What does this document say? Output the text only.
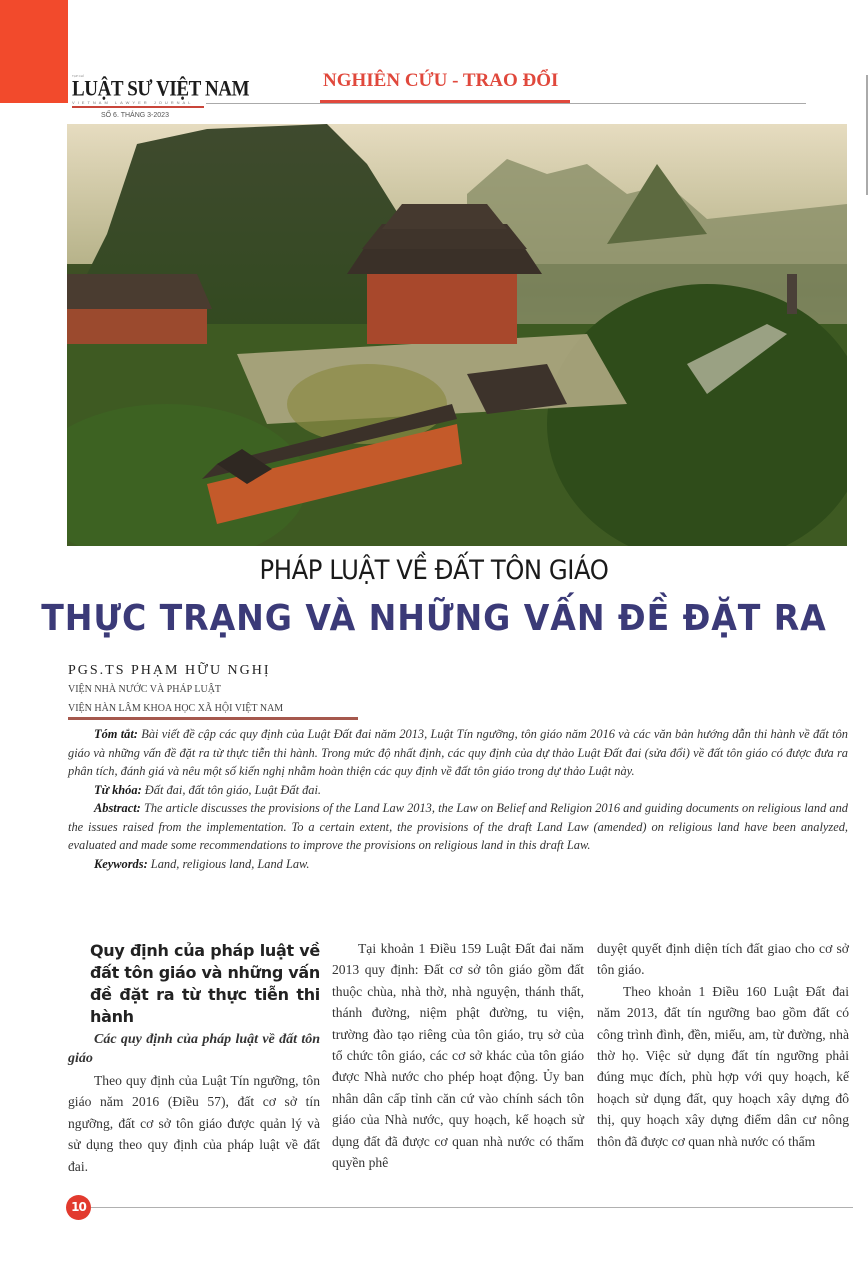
TẠP CHÍ
LUẬT SƯ VIỆT NAM
VIETNAM LAWYER JOURNAL
SỐ 6. THÁNG 3-2023
NGHIÊN CỨU - TRAO ĐỔI
PHÁP LUẬT VỀ ĐẤT TÔN GIÁO
THỰC TRẠNG VÀ NHỮNG VẤN ĐỀ ĐẶT RA
PGS.TS PHẠM HỮU NGHỊ
VIỆN NHÀ NƯỚC VÀ PHÁP LUẬT
VIỆN HÀN LÂM KHOA HỌC XÃ HỘI VIỆT NAM

Tóm tắt: Bài viết đề cập các quy định của Luật Đất đai năm 2013, Luật Tín ngưỡng, tôn giáo năm 2016 và các văn bản hướng dẫn thi hành về đất tôn giáo và những vấn đề đặt ra từ thực tiễn thi hành. Trong mức độ nhất định, các quy định của dự thảo Luật Đất đai (sửa đổi) về đất tôn giáo có được đưa ra phân tích, đánh giá và nêu một số kiến nghị nhằm hoàn thiện các quy định về đất tôn giáo trong dự thảo Luật này.

Từ khóa: Đất đai, đất tôn giáo, Luật Đất đai.

Abstract: The article discusses the provisions of the Land Law 2013, the Law on Belief and Religion 2016 and guiding documents on religious land and the issues raised from the implementation. To a certain extent, the provisions of the draft Land Law (amended) on religious land have been analyzed, evaluated and made some recommendations to improve the provisions on religious land in this draft Law.

Keywords: Land, religious land, Land Law.

Quy định của pháp luật về đất tôn giáo và những vấn đề đặt ra từ thực tiễn thi hành
Các quy định của pháp luật về đất tôn giáo

Theo quy định của Luật Tín ngưỡng, tôn giáo năm 2016 (Điều 57), đất cơ sở tín ngưỡng, đất cơ sở tôn giáo được quản lý và sử dụng theo quy định của pháp luật về đất đai.

Tại khoản 1 Điều 159 Luật Đất đai năm 2013 quy định: Đất cơ sở tôn giáo gồm đất thuộc chùa, nhà thờ, nhà nguyện, thánh thất, thánh đường, niệm phật đường, tu viện, trường đào tạo riêng của tôn giáo, trụ sở của tổ chức tôn giáo, các cơ sở khác của tôn giáo được Nhà nước cho phép hoạt động. Ủy ban nhân dân cấp tỉnh căn cứ vào chính sách tôn giáo của Nhà nước, quy hoạch, kế hoạch sử dụng đất đã được cơ quan nhà nước có thẩm quyền phê

duyệt quyết định diện tích đất giao cho cơ sở tôn giáo.

Theo khoản 1 Điều 160 Luật Đất đai năm 2013, đất tín ngưỡng bao gồm đất có công trình đình, đền, miếu, am, từ đường, nhà thờ họ. Việc sử dụng đất tín ngưỡng phải đúng mục đích, phù hợp với quy hoạch, kế hoạch sử dụng đất, quy hoạch xây dựng đô thị, quy hoạch xây dựng điểm dân cư nông thôn đã được cơ quan nhà nước có thẩm

10
